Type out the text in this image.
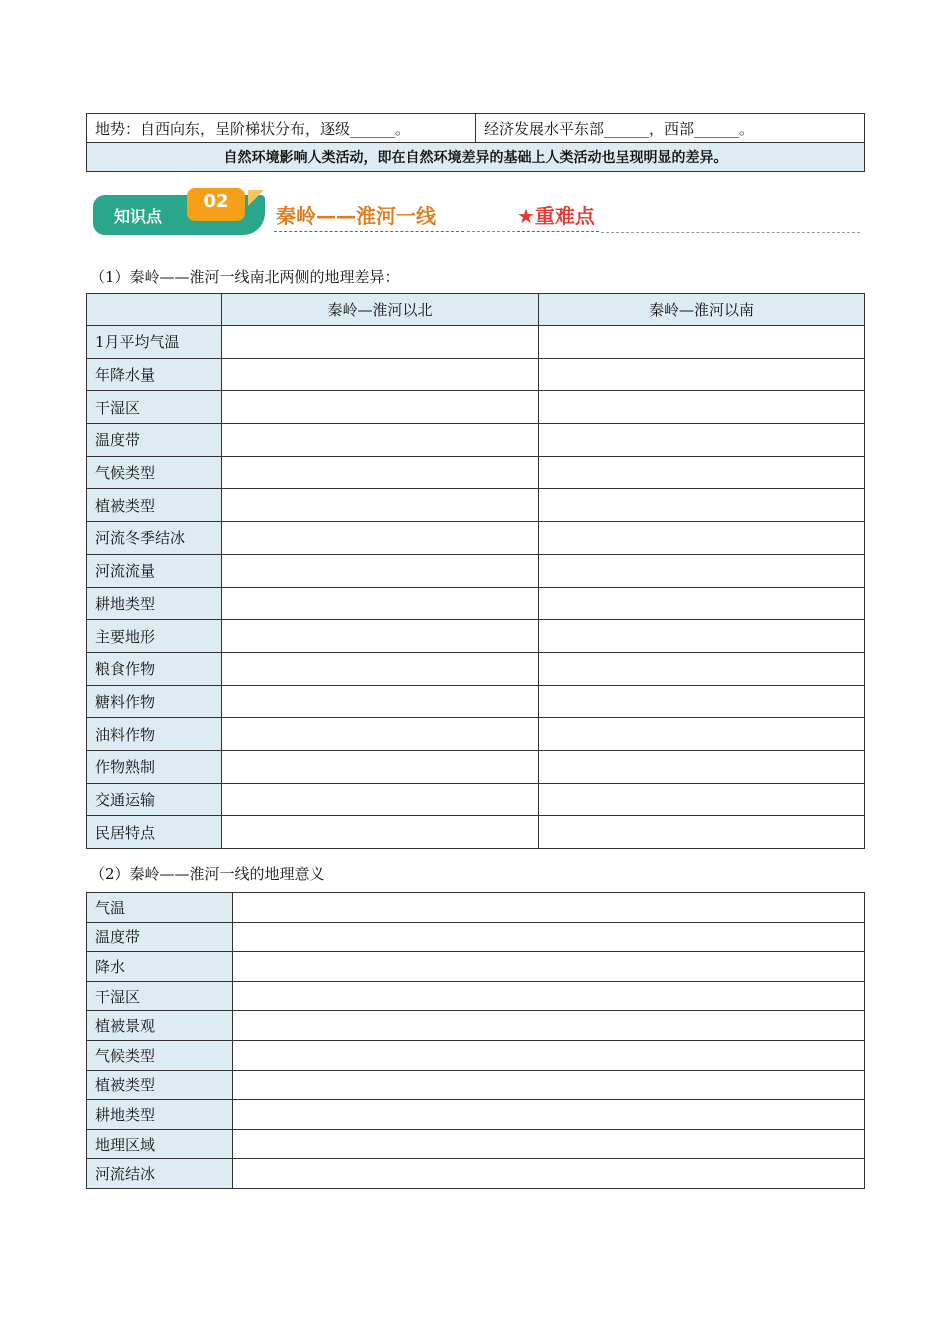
地势：自西向东，呈阶梯状分布，逐级______。	经济发展水平东部______，西部______。
自然环境影响人类活动，即在自然环境差异的基础上人类活动也呈现明显的差异。
知识点
02
秦岭——淮河一线	★重难点
（1）秦岭——淮河一线南北两侧的地理差异：
	秦岭—淮河以北	秦岭—淮河以南
1月平均气温		
年降水量		
干湿区		
温度带		
气候类型		
植被类型		
河流冬季结冰		
河流流量		
耕地类型		
主要地形		
粮食作物		
糖料作物		
油料作物		
作物熟制		
交通运输		
民居特点		
（2）秦岭——淮河一线的地理意义
气温	
温度带	
降水	
干湿区	
植被景观	
气候类型	
植被类型	
耕地类型	
地理区域	
河流结冰	
